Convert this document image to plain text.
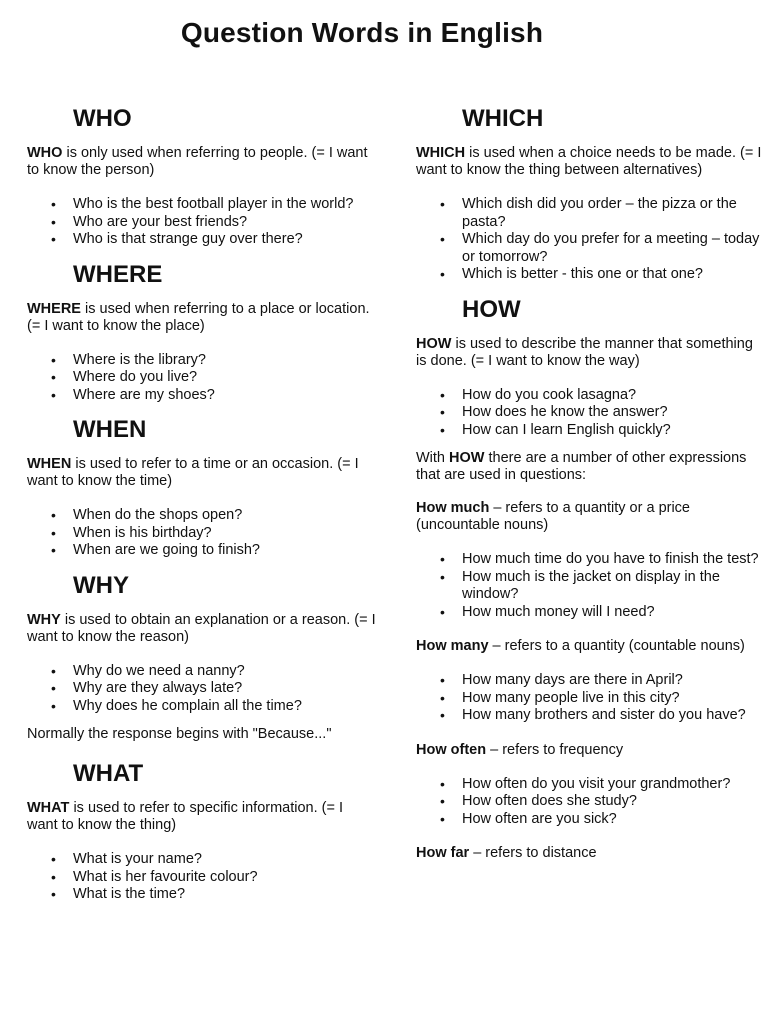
Question Words in English
WHO

WHO is only used when referring to people. (= I want to know the person)

• Who is the best football player in the world?
• Who are your best friends?
• Who is that strange guy over there?
WHERE

WHERE is used when referring to a place or location. (= I want to know the place)

• Where is the library?
• Where do you live?
• Where are my shoes?
WHEN

WHEN is used to refer to a time or an occasion. (= I want to know the time)

• When do the shops open?
• When is his birthday?
• When are we going to finish?
WHY

WHY is used to obtain an explanation or a reason. (= I want to know the reason)

• Why do we need a nanny?
• Why are they always late?
• Why does he complain all the time?

Normally the response begins with "Because..."

WHAT

WHAT is used to refer to specific information. (= I want to know the thing)

• What is your name?
• What is her favourite colour?
• What is the time?
WHICH

WHICH is used when a choice needs to be made. (= I want to know the thing between alternatives)

• Which dish did you order – the pizza or the pasta?
• Which day do you prefer for a meeting – today or tomorrow?
• Which is better - this one or that one?
HOW

HOW is used to describe the manner that something is done. (= I want to know the way)

• How do you cook lasagna?
• How does he know the answer?
• How can I learn English quickly?

With HOW there are a number of other expressions that are used in questions:

How much – refers to a quantity or a price (uncountable nouns)

• How much time do you have to finish the test?
• How much is the jacket on display in the window?
• How much money will I need?

How many – refers to a quantity (countable nouns)

• How many days are there in April?
• How many people live in this city?
• How many brothers and sister do you have?

How often – refers to frequency

• How often do you visit your grandmother?
• How often does she study?
• How often are you sick?

How far – refers to distance
